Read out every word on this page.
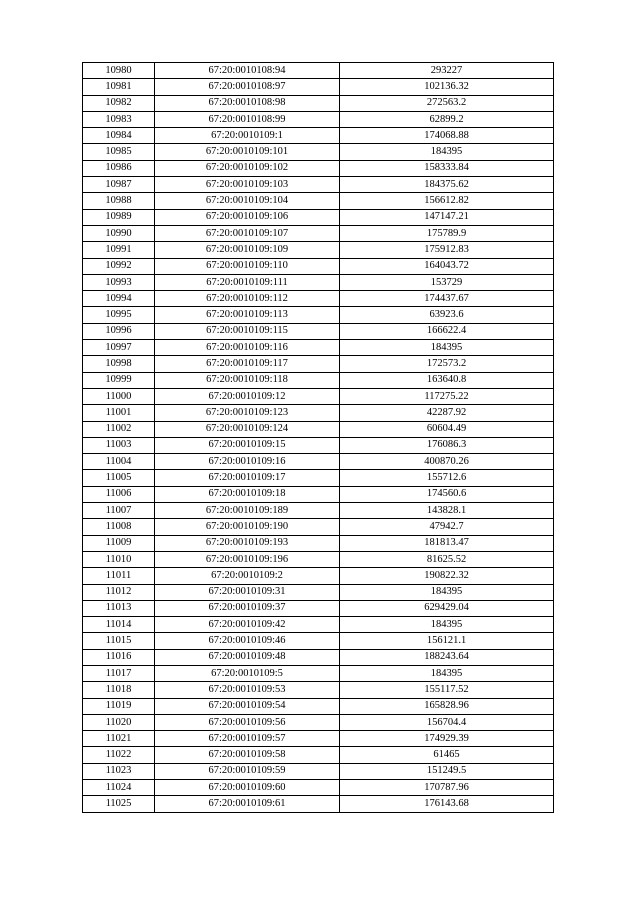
10980	67:20:0010108:94	293227
10981	67:20:0010108:97	102136.32
10982	67:20:0010108:98	272563.2
10983	67:20:0010108:99	62899.2
10984	67:20:0010109:1	174068.88
10985	67:20:0010109:101	184395
10986	67:20:0010109:102	158333.84
10987	67:20:0010109:103	184375.62
10988	67:20:0010109:104	156612.82
10989	67:20:0010109:106	147147.21
10990	67:20:0010109:107	175789.9
10991	67:20:0010109:109	175912.83
10992	67:20:0010109:110	164043.72
10993	67:20:0010109:111	153729
10994	67:20:0010109:112	174437.67
10995	67:20:0010109:113	63923.6
10996	67:20:0010109:115	166622.4
10997	67:20:0010109:116	184395
10998	67:20:0010109:117	172573.2
10999	67:20:0010109:118	163640.8
11000	67:20:0010109:12	117275.22
11001	67:20:0010109:123	42287.92
11002	67:20:0010109:124	60604.49
11003	67:20:0010109:15	176086.3
11004	67:20:0010109:16	400870.26
11005	67:20:0010109:17	155712.6
11006	67:20:0010109:18	174560.6
11007	67:20:0010109:189	143828.1
11008	67:20:0010109:190	47942.7
11009	67:20:0010109:193	181813.47
11010	67:20:0010109:196	81625.52
11011	67:20:0010109:2	190822.32
11012	67:20:0010109:31	184395
11013	67:20:0010109:37	629429.04
11014	67:20:0010109:42	184395
11015	67:20:0010109:46	156121.1
11016	67:20:0010109:48	188243.64
11017	67:20:0010109:5	184395
11018	67:20:0010109:53	155117.52
11019	67:20:0010109:54	165828.96
11020	67:20:0010109:56	156704.4
11021	67:20:0010109:57	174929.39
11022	67:20:0010109:58	61465
11023	67:20:0010109:59	151249.5
11024	67:20:0010109:60	170787.96
11025	67:20:0010109:61	176143.68
